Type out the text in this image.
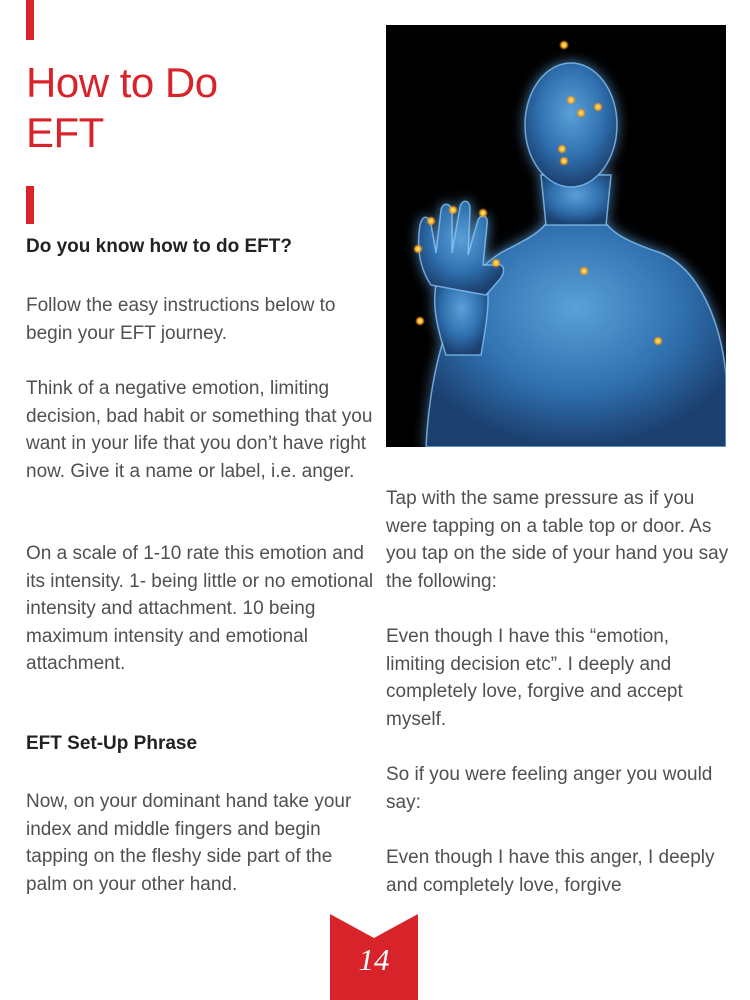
How to Do
EFT
Do you know how to do EFT?

Follow the easy instructions below to begin your EFT journey.

Think of a negative emotion, limiting decision, bad habit or something that you want in your life that you don’t have right now. Give it a name or label, i.e. anger.

On a scale of 1-10 rate this emotion and its intensity. 1- being little or no emotional intensity and attachment. 10 being maximum intensity and emotional attachment.

EFT Set-Up Phrase

Now, on your dominant hand take your index and middle fingers and begin tapping on the fleshy side part of the palm on your other hand.

Tap with the same pressure as if you were tapping on a table top or door. As you tap on the side of your hand you say the following:

Even though I have this “emotion, limiting decision etc”. I deeply and completely love, forgive and accept myself.

So if you were feeling anger you would say:

Even though I have this anger, I deeply and completely love, forgive

14
